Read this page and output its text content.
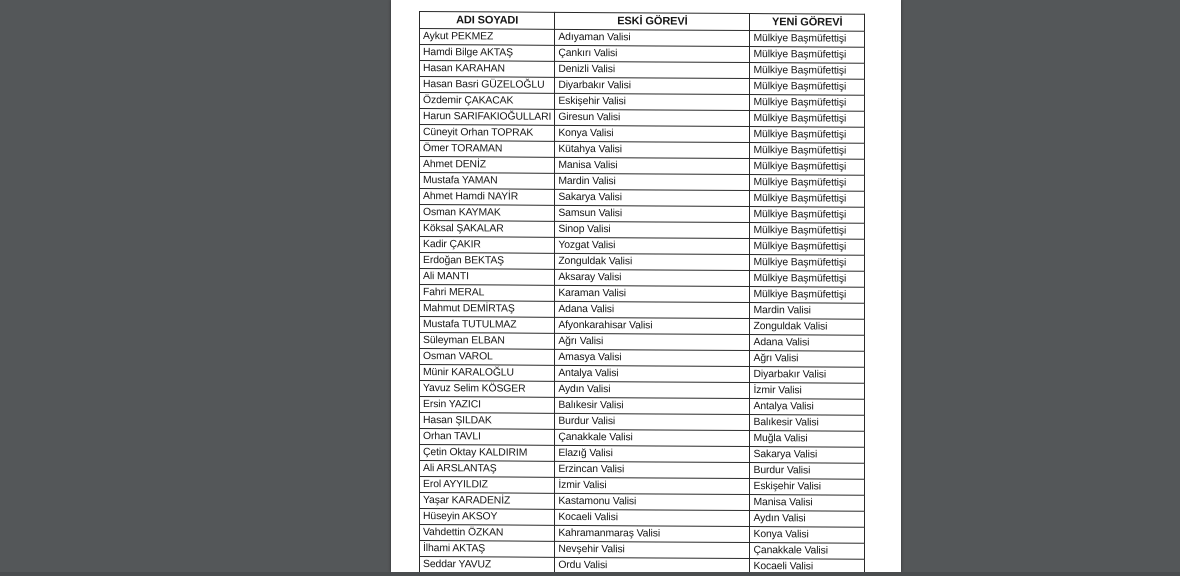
ADI SOYADI	ESKİ GÖREVİ	YENİ GÖREVİ
Aykut PEKMEZ	Adıyaman Valisi	Mülkiye Başmüfettişi
Hamdi Bilge AKTAŞ	Çankırı Valisi	Mülkiye Başmüfettişi
Hasan KARAHAN	Denizli Valisi	Mülkiye Başmüfettişi
Hasan Basri GÜZELOĞLU	Diyarbakır Valisi	Mülkiye Başmüfettişi
Özdemir ÇAKACAK	Eskişehir Valisi	Mülkiye Başmüfettişi
Harun SARIFAKIOĞULLARI	Giresun Valisi	Mülkiye Başmüfettişi
Cüneyit Orhan TOPRAK	Konya Valisi	Mülkiye Başmüfettişi
Ömer TORAMAN	Kütahya Valisi	Mülkiye Başmüfettişi
Ahmet DENİZ	Manisa Valisi	Mülkiye Başmüfettişi
Mustafa YAMAN	Mardin Valisi	Mülkiye Başmüfettişi
Ahmet Hamdi NAYİR	Sakarya Valisi	Mülkiye Başmüfettişi
Osman KAYMAK	Samsun Valisi	Mülkiye Başmüfettişi
Köksal ŞAKALAR	Sinop Valisi	Mülkiye Başmüfettişi
Kadir ÇAKIR	Yozgat Valisi	Mülkiye Başmüfettişi
Erdoğan BEKTAŞ	Zonguldak Valisi	Mülkiye Başmüfettişi
Ali MANTI	Aksaray Valisi	Mülkiye Başmüfettişi
Fahri MERAL	Karaman Valisi	Mülkiye Başmüfettişi
Mahmut DEMİRTAŞ	Adana Valisi	Mardin Valisi
Mustafa TUTULMAZ	Afyonkarahisar Valisi	Zonguldak Valisi
Süleyman ELBAN	Ağrı Valisi	Adana Valisi
Osman VAROL	Amasya Valisi	Ağrı Valisi
Münir KARALOĞLU	Antalya Valisi	Diyarbakır Valisi
Yavuz Selim KÖSGER	Aydın Valisi	İzmir Valisi
Ersin YAZICI	Balıkesir Valisi	Antalya Valisi
Hasan ŞILDAK	Burdur Valisi	Balıkesir Valisi
Orhan TAVLI	Çanakkale Valisi	Muğla Valisi
Çetin Oktay KALDIRIM	Elazığ Valisi	Sakarya Valisi
Ali ARSLANTAŞ	Erzincan Valisi	Burdur Valisi
Erol AYYILDIZ	İzmir Valisi	Eskişehir Valisi
Yaşar KARADENİZ	Kastamonu Valisi	Manisa Valisi
Hüseyin AKSOY	Kocaeli Valisi	Aydın Valisi
Vahdettin ÖZKAN	Kahramanmaraş Valisi	Konya Valisi
İlhami AKTAŞ	Nevşehir Valisi	Çanakkale Valisi
Seddar YAVUZ	Ordu Valisi	Kocaeli Valisi
